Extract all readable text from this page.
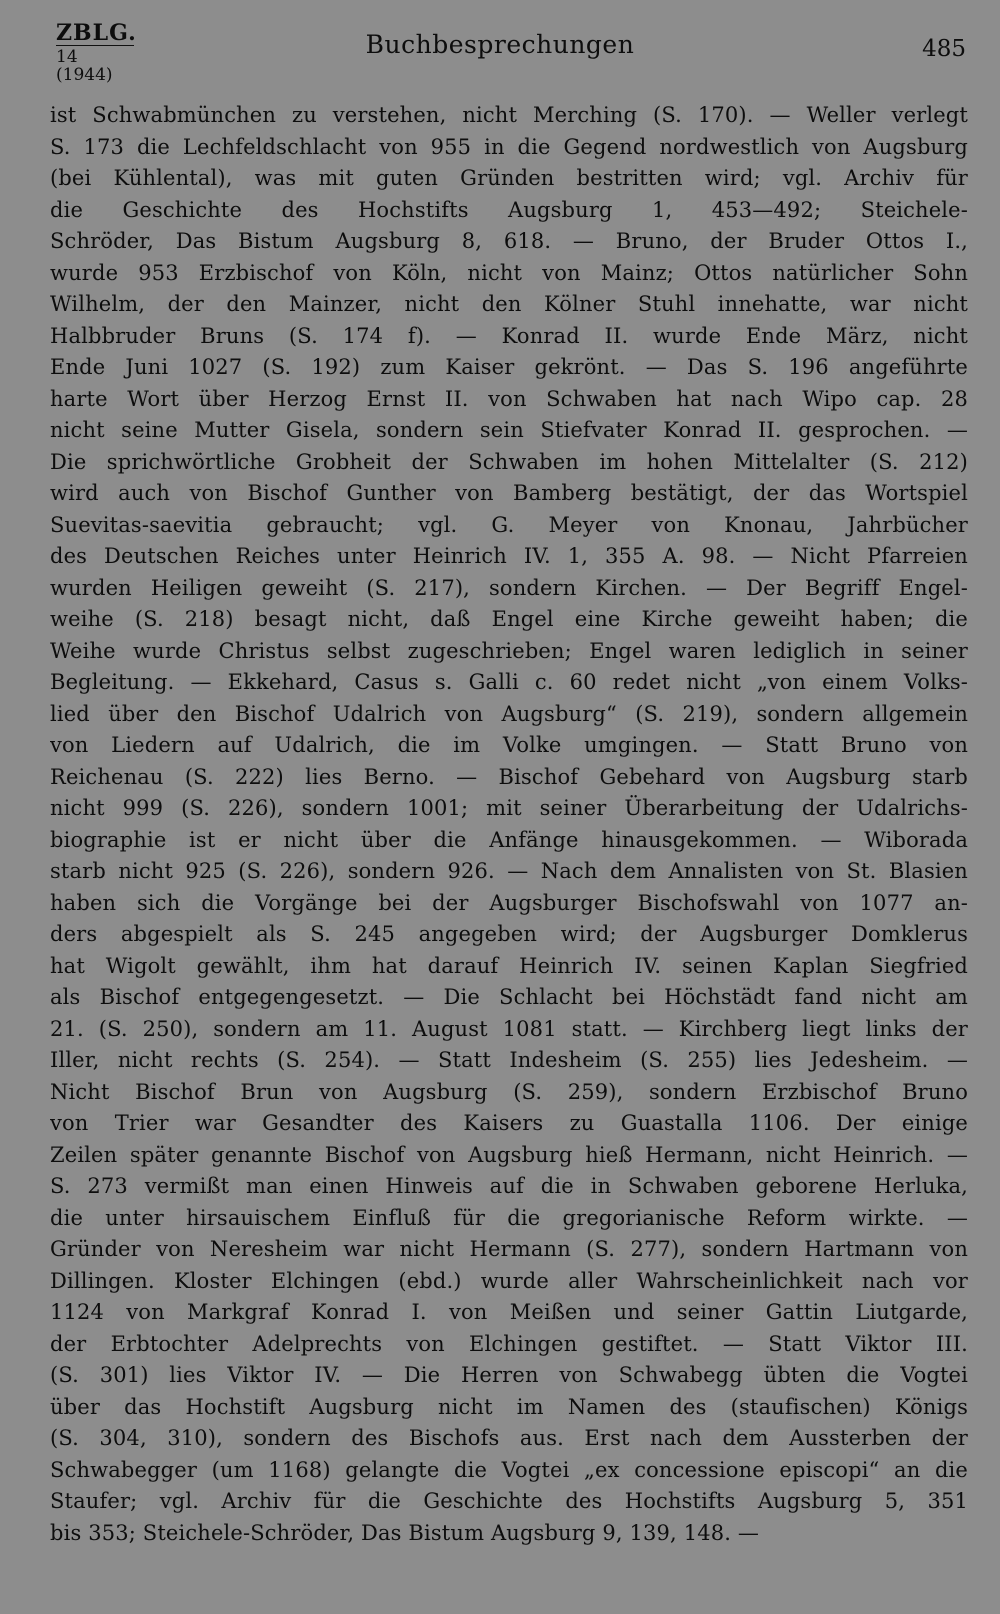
ZBLG.
14 (1944)
Buchbesprechungen	485
ist Schwabmünchen zu verstehen, nicht Merching (S. 170). — Weller verlegt
S. 173 die Lechfeldschlacht von 955 in die Gegend nordwestlich von Augsburg
(bei Kühlental), was mit guten Gründen bestritten wird; vgl. Archiv für
die Geschichte des Hochstifts Augsburg 1, 453—492; Steichele-
Schröder, Das Bistum Augsburg 8, 618. — Bruno, der Bruder Ottos I.,
wurde 953 Erzbischof von Köln, nicht von Mainz; Ottos natürlicher Sohn
Wilhelm, der den Mainzer, nicht den Kölner Stuhl innehatte, war nicht
Halbbruder Bruns (S. 174 f). — Konrad II. wurde Ende März, nicht
Ende Juni 1027 (S. 192) zum Kaiser gekrönt. — Das S. 196 angeführte
harte Wort über Herzog Ernst II. von Schwaben hat nach Wipo cap. 28
nicht seine Mutter Gisela, sondern sein Stiefvater Konrad II. gesprochen. —
Die sprichwörtliche Grobheit der Schwaben im hohen Mittelalter (S. 212)
wird auch von Bischof Gunther von Bamberg bestätigt, der das Wortspiel
Suevitas-saevitia gebraucht; vgl. G. Meyer von Knonau, Jahrbücher
des Deutschen Reiches unter Heinrich IV. 1, 355 A. 98. — Nicht Pfarreien
wurden Heiligen geweiht (S. 217), sondern Kirchen. — Der Begriff Engel-
weihe (S. 218) besagt nicht, daß Engel eine Kirche geweiht haben; die
Weihe wurde Christus selbst zugeschrieben; Engel waren lediglich in seiner
Begleitung. — Ekkehard, Casus s. Galli c. 60 redet nicht „von einem Volks-
lied über den Bischof Udalrich von Augsburg“ (S. 219), sondern allgemein
von Liedern auf Udalrich, die im Volke umgingen. — Statt Bruno von
Reichenau (S. 222) lies Berno. — Bischof Gebehard von Augsburg starb
nicht 999 (S. 226), sondern 1001; mit seiner Überarbeitung der Udalrichs-
biographie ist er nicht über die Anfänge hinausgekommen. — Wiborada
starb nicht 925 (S. 226), sondern 926. — Nach dem Annalisten von St. Blasien
haben sich die Vorgänge bei der Augsburger Bischofswahl von 1077 an-
ders abgespielt als S. 245 angegeben wird; der Augsburger Domklerus
hat Wigolt gewählt, ihm hat darauf Heinrich IV. seinen Kaplan Siegfried
als Bischof entgegengesetzt. — Die Schlacht bei Höchstädt fand nicht am
21. (S. 250), sondern am 11. August 1081 statt. — Kirchberg liegt links der
Iller, nicht rechts (S. 254). — Statt Indesheim (S. 255) lies Jedesheim. —
Nicht Bischof Brun von Augsburg (S. 259), sondern Erzbischof Bruno
von Trier war Gesandter des Kaisers zu Guastalla 1106. Der einige
Zeilen später genannte Bischof von Augsburg hieß Hermann, nicht Heinrich. —
S. 273 vermißt man einen Hinweis auf die in Schwaben geborene Herluka,
die unter hirsauischem Einfluß für die gregorianische Reform wirkte. —
Gründer von Neresheim war nicht Hermann (S. 277), sondern Hartmann von
Dillingen. Kloster Elchingen (ebd.) wurde aller Wahrscheinlichkeit nach vor
1124 von Markgraf Konrad I. von Meißen und seiner Gattin Liutgarde,
der Erbtochter Adelprechts von Elchingen gestiftet. — Statt Viktor III.
(S. 301) lies Viktor IV. — Die Herren von Schwabegg übten die Vogtei
über das Hochstift Augsburg nicht im Namen des (staufischen) Königs
(S. 304, 310), sondern des Bischofs aus. Erst nach dem Aussterben der
Schwabegger (um 1168) gelangte die Vogtei „ex concessione episcopi“ an die
Staufer; vgl. Archiv für die Geschichte des Hochstifts Augsburg 5, 351
bis 353; Steichele-Schröder, Das Bistum Augsburg 9, 139, 148. —
